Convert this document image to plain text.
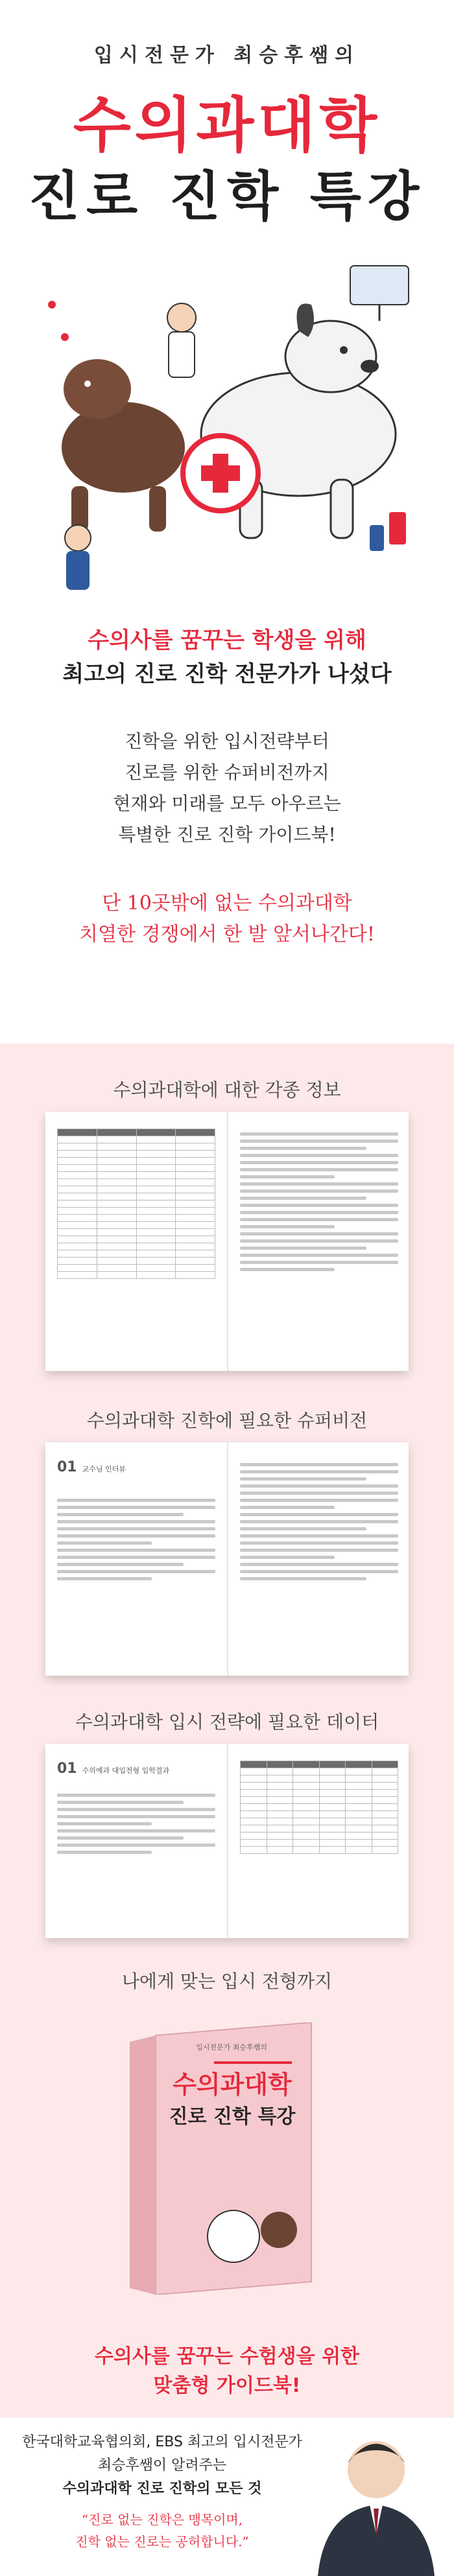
입시전문가 최승후쌤의
수의과대학
진로 진학 특강
수의사를 꿈꾸는 학생을 위해
최고의 진로 진학 전문가가 나섰다
진학을 위한 입시전략부터
진로를 위한 슈퍼비전까지
현재와 미래를 모두 아우르는
특별한 진로 진학 가이드북!
단 10곳밖에 없는 수의과대학
치열한 경쟁에서 한 발 앞서나간다!
수의과대학에 대한 각종 정보

수의과대학 진학에 필요한 슈퍼비전
01 교수님 인터뷰
수의과대학 입시 전략에 필요한 데이터
01 수의예과 대입전형 입학결과

나에게 맞는 입시 전형까지
입시전문가 최승후쌤의
수의과대학
진로 진학 특강
수의사를 꿈꾸는 수험생을 위한
맞춤형 가이드북!
한국대학교육협의회, EBS 최고의 입시전문가
최승후쌤이 알려주는
수의과대학 진로 진학의 모든 것
“진로 없는 진학은 맹목이며,
진학 없는 진로는 공허합니다.”
